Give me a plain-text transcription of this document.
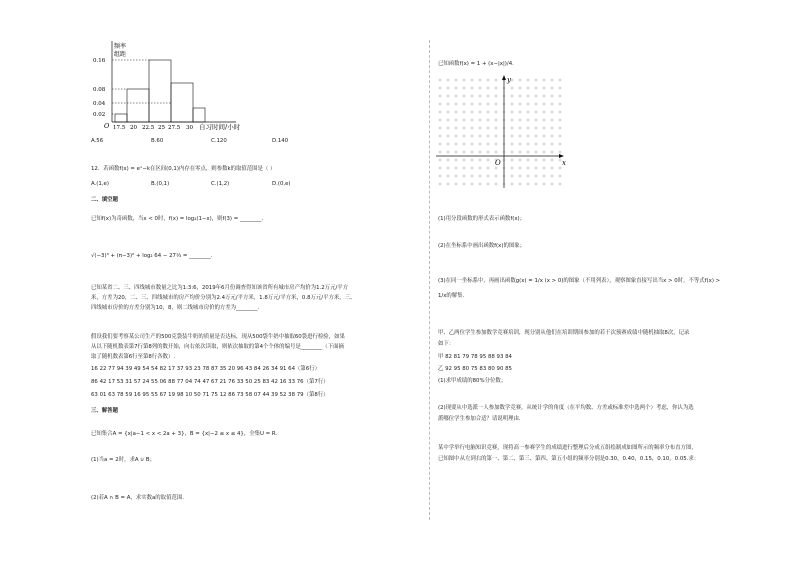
频率
组距
0.16
0.08
0.04
0.02
O 17.5 20 22.5 25 27.5 30 自习时间/小时
A.56	B.60	C.120	D.140
12．若函数f(x) = eˣ−k在区间(0,1)内存在零点，则参数k的取值范围是（ ）
A.(1,e)	B.(0,1)	C.(1,2)	D.(0,e)
二、填空题
已知f(x)为奇函数，当x < 0时，f(x) = log₂(1−x)，则f(3) = ________.
√(−3)³ + (π−3)⁰ + log₂ 64 − 27⅓ = ________.
已知某省二、三、四线城市数量之比为1:3:6，2019年6月份调查得知该省所有城市房产均价为1.2万元/平方
米，方差为20，二、三、四线城市的房产均价分别为2.4万元/平方米，1.8万元/平方米，0.8万元/平方米，三、
四线城市房价的方差分别为10，8，则二线城市房价的方差为________.
假设我们要考察某公司生产的500克袋装牛奶的质量是否达标，现从500袋牛奶中抽取60袋进行检验，如果
从以下随机数表第7行第8列的数开始，向右依次读取，则依次抽取的第4个个体的编号是________（下面摘
取了随机数表第6行至第8行各数）.
16 22 77 94 39 49 54 54 82 17 37 93 23 78 87 35 20 96 43 84 26 34 91 64（第6行）
86 42 17 53 31 57 24 55 06 88 77 04 74 47 67 21 76 33 50 25 83 42 16 33 76（第7行）
63 01 63 78 59 16 95 55 67 19 98 10 50 71 75 12 86 73 58 07 44 39 52 38 79（第8行）
三、解答题
已知集合A = {x|a−1 < x < 2a + 3}，B = {x|−2 ≤ x ≤ 4}，全集U = R.
(1)当a = 2时，求A ∪ B；
(2)若A ∩ B = A，求实数a的取值范围.
已知函数f(x) = 1 + (x−|x|)/4.
y
x
O
(1)用分段函数的形式表示函数f(x)；
(2)在坐标系中画出函数f(x)的图象；
(3)在同一坐标系中，再画出函数g(x) = 1/x (x > 0)的图象（不用列表），观察图象直接写出当x > 0时，不等式f(x) >
1/x的解集.
甲、乙两位学生参加数学竞赛培训，现分别从他们在培训期间参加的若干次预赛成绩中随机抽取8次，记录
如下：
甲 82 81 79 78 95 88 93 84
乙 92 95 80 75 83 80 90 85
(1)求甲成绩的80%分位数；
(2)现要从中选派一人参加数学竞赛，从统计学的角度（在平均数、方差或标准差中选两个）考虑，你认为选
派哪位学生参加合适？请说明理由.
某中学举行电脑知识竞赛，现将高一参赛学生的成绩进行整理后分成五组绘制成如图所示的频率分布直方图，
已知图中从左到右的第一、第二、第三、第四、第五小组的频率分别是0.30，0.40，0.15，0.10，0.05.求：
